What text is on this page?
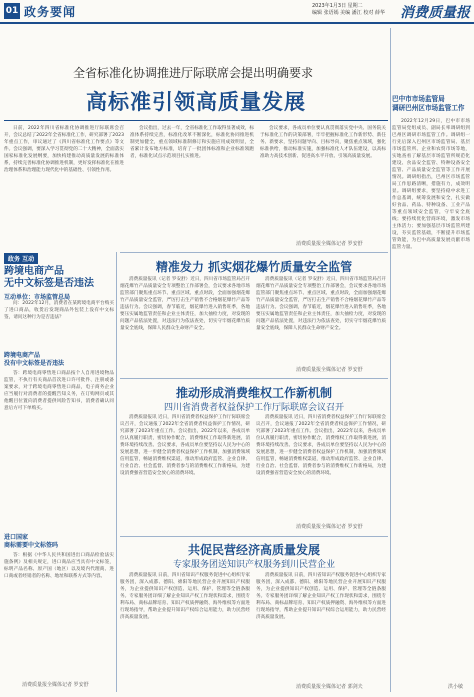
01 政务要闻	2023年1月3日 星期二
编辑 张语嫣 美编 潘江 校对 薛华 消费质量报
全省标准化协调推进厅际联席会提出明确要求
高标准引领高质量发展

日前，2022年四川省标准化协调推进厅际联席会召开，会议总结了2022年全省标准化工作，研究部署了2023年重点工作，审议通过了《四川省标准化工作要点》等文件。会议强调，要深入学习贯彻党的二十大精神，全面落实国家标准化发展纲要，加快构建推动高质量发展的标准体系，持续完善标准化协调推进机制，更好发挥标准化在推进治理体系和治理能力现代化中的基础性、引领性作用。

会议指出，过去一年，全省标准化工作取得显著成效，标准体系持续完善，标准化改革不断深化，标准化协同推进机制更加健全，重点领域标准制修订和实施应用成效明显，全省累计发布地方标准，培育了一批团体标准和企业标准领跑者，标准化试点示范项目扎实推进。

会议要求，各成员单位要认真贯彻落实党中央、国务院关于标准化工作的决策部署，牢牢把握标准化工作新形势、新任务、新要求，坚持问题导向、目标导向，聚焦重点领域，强化标准供给，推动标准实施，加强标准化人才队伍建设，以高标准助力高技术创新、促进高水平开放、引领高质量发展。

消费质量报全媒体记者 罗安舒
政务 互动
跨境电商产品
无中文标签是否违法
互动单位：市场监管总局

问：2022年12月，消费者在某跨境电商平台购买了进口商品，收货后发现商品外包装上没有中文标签，请问这种行为是否违法？

跨境电商产品
没有中文标签是否违法

答：跨境电商零售进口商品按个人自用进境物品监管，不执行有关商品首次进口许可批件、注册或备案要求，对于跨境电商零售进口商品，电子商务企业应当履行对消费者的提醒告知义务，在订购网页或其他醒目位置向消费者提供风险告知书，消费者确认同意后方可下单购买。

进口国家
商标需要中文标签吗

答：根据《中华人民共和国进出口商品检验法实施条例》及相关规定，进口商品应当具有中文标签，标明产品名称、原产国（地区）以及境内代理商、进口商或者经销者的名称、地址和联系方式等内容。

消费质量报全媒体记者 罗安舒
精准发力 抓实烟花爆竹质量安全监管

消费质量报讯（记者 罗安舒）近日，四川省市场监管局召开烟花爆竹产品质量安全专项整治工作部署会，会议要求各地市场监管部门聚焦重点环节、重点区域、重点时段，全面加强烟花爆竹产品质量安全监管，严厉打击生产销售不合格烟花爆竹产品等违法行为。会议强调，春节临近，烟花爆竹进入销售旺季，各地要压实属地监管责任和企业主体责任，加大抽检力度，对发现的问题产品依法处置，对违法行为依法查处，切实守牢烟花爆竹质量安全底线，保障人民群众生命财产安全。

消费质量报讯（记者 罗安舒）近日，四川省市场监管局召开烟花爆竹产品质量安全专项整治工作部署会，会议要求各地市场监管部门聚焦重点环节、重点区域、重点时段，全面加强烟花爆竹产品质量安全监管，严厉打击生产销售不合格烟花爆竹产品等违法行为。会议强调，春节临近，烟花爆竹进入销售旺季，各地要压实属地监管责任和企业主体责任，加大抽检力度，对发现的问题产品依法处置，对违法行为依法查处，切实守牢烟花爆竹质量安全底线，保障人民群众生命财产安全。

消费质量报全媒体记者 罗安舒
推动形成消费维权工作新机制
四川省消费者权益保护工作厅际联席会议召开

消费质量报讯 近日，四川省消费者权益保护工作厅际联席会议召开，会议通报了2022年全省消费者权益保护工作情况，研究部署了2023年重点工作。会议指出，2022年以来，各成员单位认真履行职责，密切协作配合，消费维权工作取得新进展，消费环境持续改善。会议要求，各成员单位要坚持以人民为中心的发展思想，进一步健全消费者权益保护工作机制，加强消费领域信用监管，畅通消费维权渠道，推动形成政府监管、企业自律、行业自治、社会监督、消费者参与的消费维权工作新格局，为建设消费强省营造安全放心的消费环境。

消费质量报讯 近日，四川省消费者权益保护工作厅际联席会议召开，会议通报了2022年全省消费者权益保护工作情况，研究部署了2023年重点工作。会议指出，2022年以来，各成员单位认真履行职责，密切协作配合，消费维权工作取得新进展，消费环境持续改善。会议要求，各成员单位要坚持以人民为中心的发展思想，进一步健全消费者权益保护工作机制，加强消费领域信用监管，畅通消费维权渠道，推动形成政府监管、企业自律、行业自治、社会监督、消费者参与的消费维权工作新格局，为建设消费强省营造安全放心的消费环境。

消费质量报全媒体记者 罗安舒
共促民营经济高质量发展
专家服务团送知识产权服务到川民营企业

消费质量报讯 日前，四川省知识产权服务促进中心组织专家服务团，深入成都、德阳、绵阳等地民营企业开展知识产权服务，为企业提供知识产权创造、运用、保护、管理等全链条服务。专家服务团详细了解企业知识产权工作现状和需求，围绕专利布局、商标品牌培育、知识产权质押融资、海外维权等方面进行现场指导，帮助企业提升知识产权综合运用能力，助力民营经济高质量发展。

消费质量报讯 日前，四川省知识产权服务促进中心组织专家服务团，深入成都、德阳、绵阳等地民营企业开展知识产权服务，为企业提供知识产权创造、运用、保护、管理等全链条服务。专家服务团详细了解企业知识产权工作现状和需求，围绕专利布局、商标品牌培育、知识产权质押融资、海外维权等方面进行现场指导，帮助企业提升知识产权综合运用能力，助力民营经济高质量发展。

消费质量报全媒体记者 郭剑夫
巴中市市场监管局
调研巴州区市场监管工作

2022年12月29日，巴中市市场监管局党组成员、副局长率调研组到巴州区调研市场监管工作。调研组一行先后深入巴州区市场监管局、基层市场监管所、企业和农贸市场等地，实地查看了解基层市场监管所规范化建设、食品安全监管、特种设备安全监管、产品质量安全监管等工作开展情况。调研组指出，巴州区市场监管局工作思路清晰，措施有力，成效明显。调研组要求，要坚持稳中求进工作总基调，统筹发展和安全，扎实做好食品、药品、特种设备、工业产品等重点领域安全监管，守牢安全底线；要持续优化营商环境，激发市场主体活力；要加强基层市场监管所建设，夯实监管基础，不断提升市场监管效能，为巴中高质量发展贡献市场监管力量。

洪小敏
